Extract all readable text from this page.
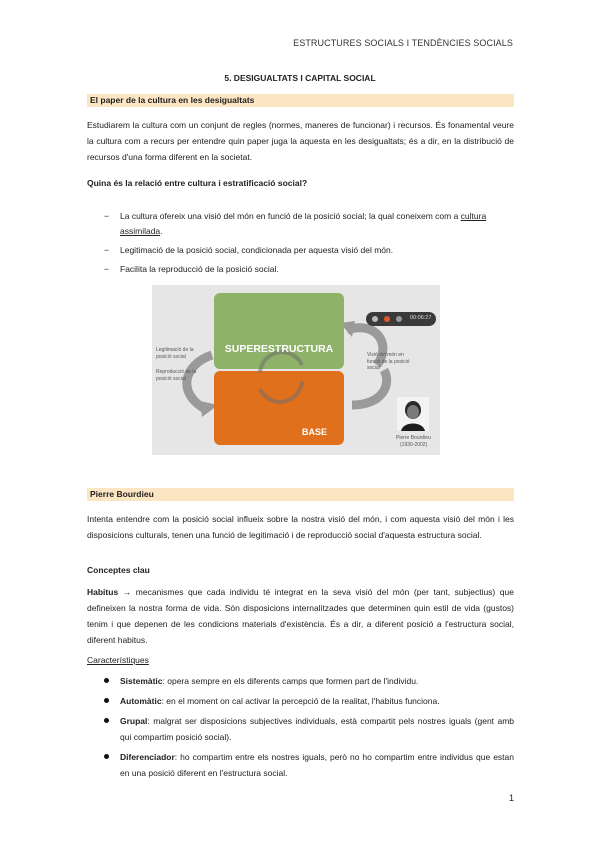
ESTRUCTURES SOCIALS I TENDÈNCIES SOCIALS
5. DESIGUALTATS I CAPITAL SOCIAL
El paper de la cultura en les desigualtats
Estudiarem la cultura com un conjunt de regles (normes, maneres de funcionar) i recursos. És fonamental veure la cultura com a recurs per entendre quin paper juga la aquesta en les desigualtats; és a dir, en la distribució de recursos d'una forma diferent en la societat.
Quina és la relació entre cultura i estratificació social?
− La cultura ofereix una visió del món en funció de la posició social; la qual coneixem com a cultura assimilada.
− Legitimació de la posició social, condicionada per aquesta visió del món.
− Facilita la reproducció de la posició social.
SUPERESTRUCTURA
BASE
Legitimació de la posició social
Reproducció de la posició social
Visió del món en funció de la posició social
00:06:27
Pierre Bourdieu
(1930-2002)
Pierre Bourdieu
Intenta entendre com la posició social influeix sobre la nostra visió del món, i com aquesta visió del món i les disposicions culturals, tenen una funció de legitimació i de reproducció social d'aquesta estructura social.
Conceptes clau
Habitus → mecanismes que cada individu té integrat en la seva visió del món (per tant, subjectius) que defineixen la nostra forma de vida. Són disposicions internalitzades que determinen quin estil de vida (gustos) tenim i que depenen de les condicions materials d'existència. És a dir, a diferent posició a l'estructura social, diferent habitus.
Característiques
Sistemàtic: opera sempre en els diferents camps que formen part de l'individu.
Automàtic: en el moment on cal activar la percepció de la realitat, l'habitus funciona.
Grupal: malgrat ser disposicions subjectives individuals, està compartit pels nostres iguals (gent amb qui compartim posició social).
Diferenciador: ho compartim entre els nostres iguals, però no ho compartim entre individus que estan en una posició diferent en l'estructura social.
1
